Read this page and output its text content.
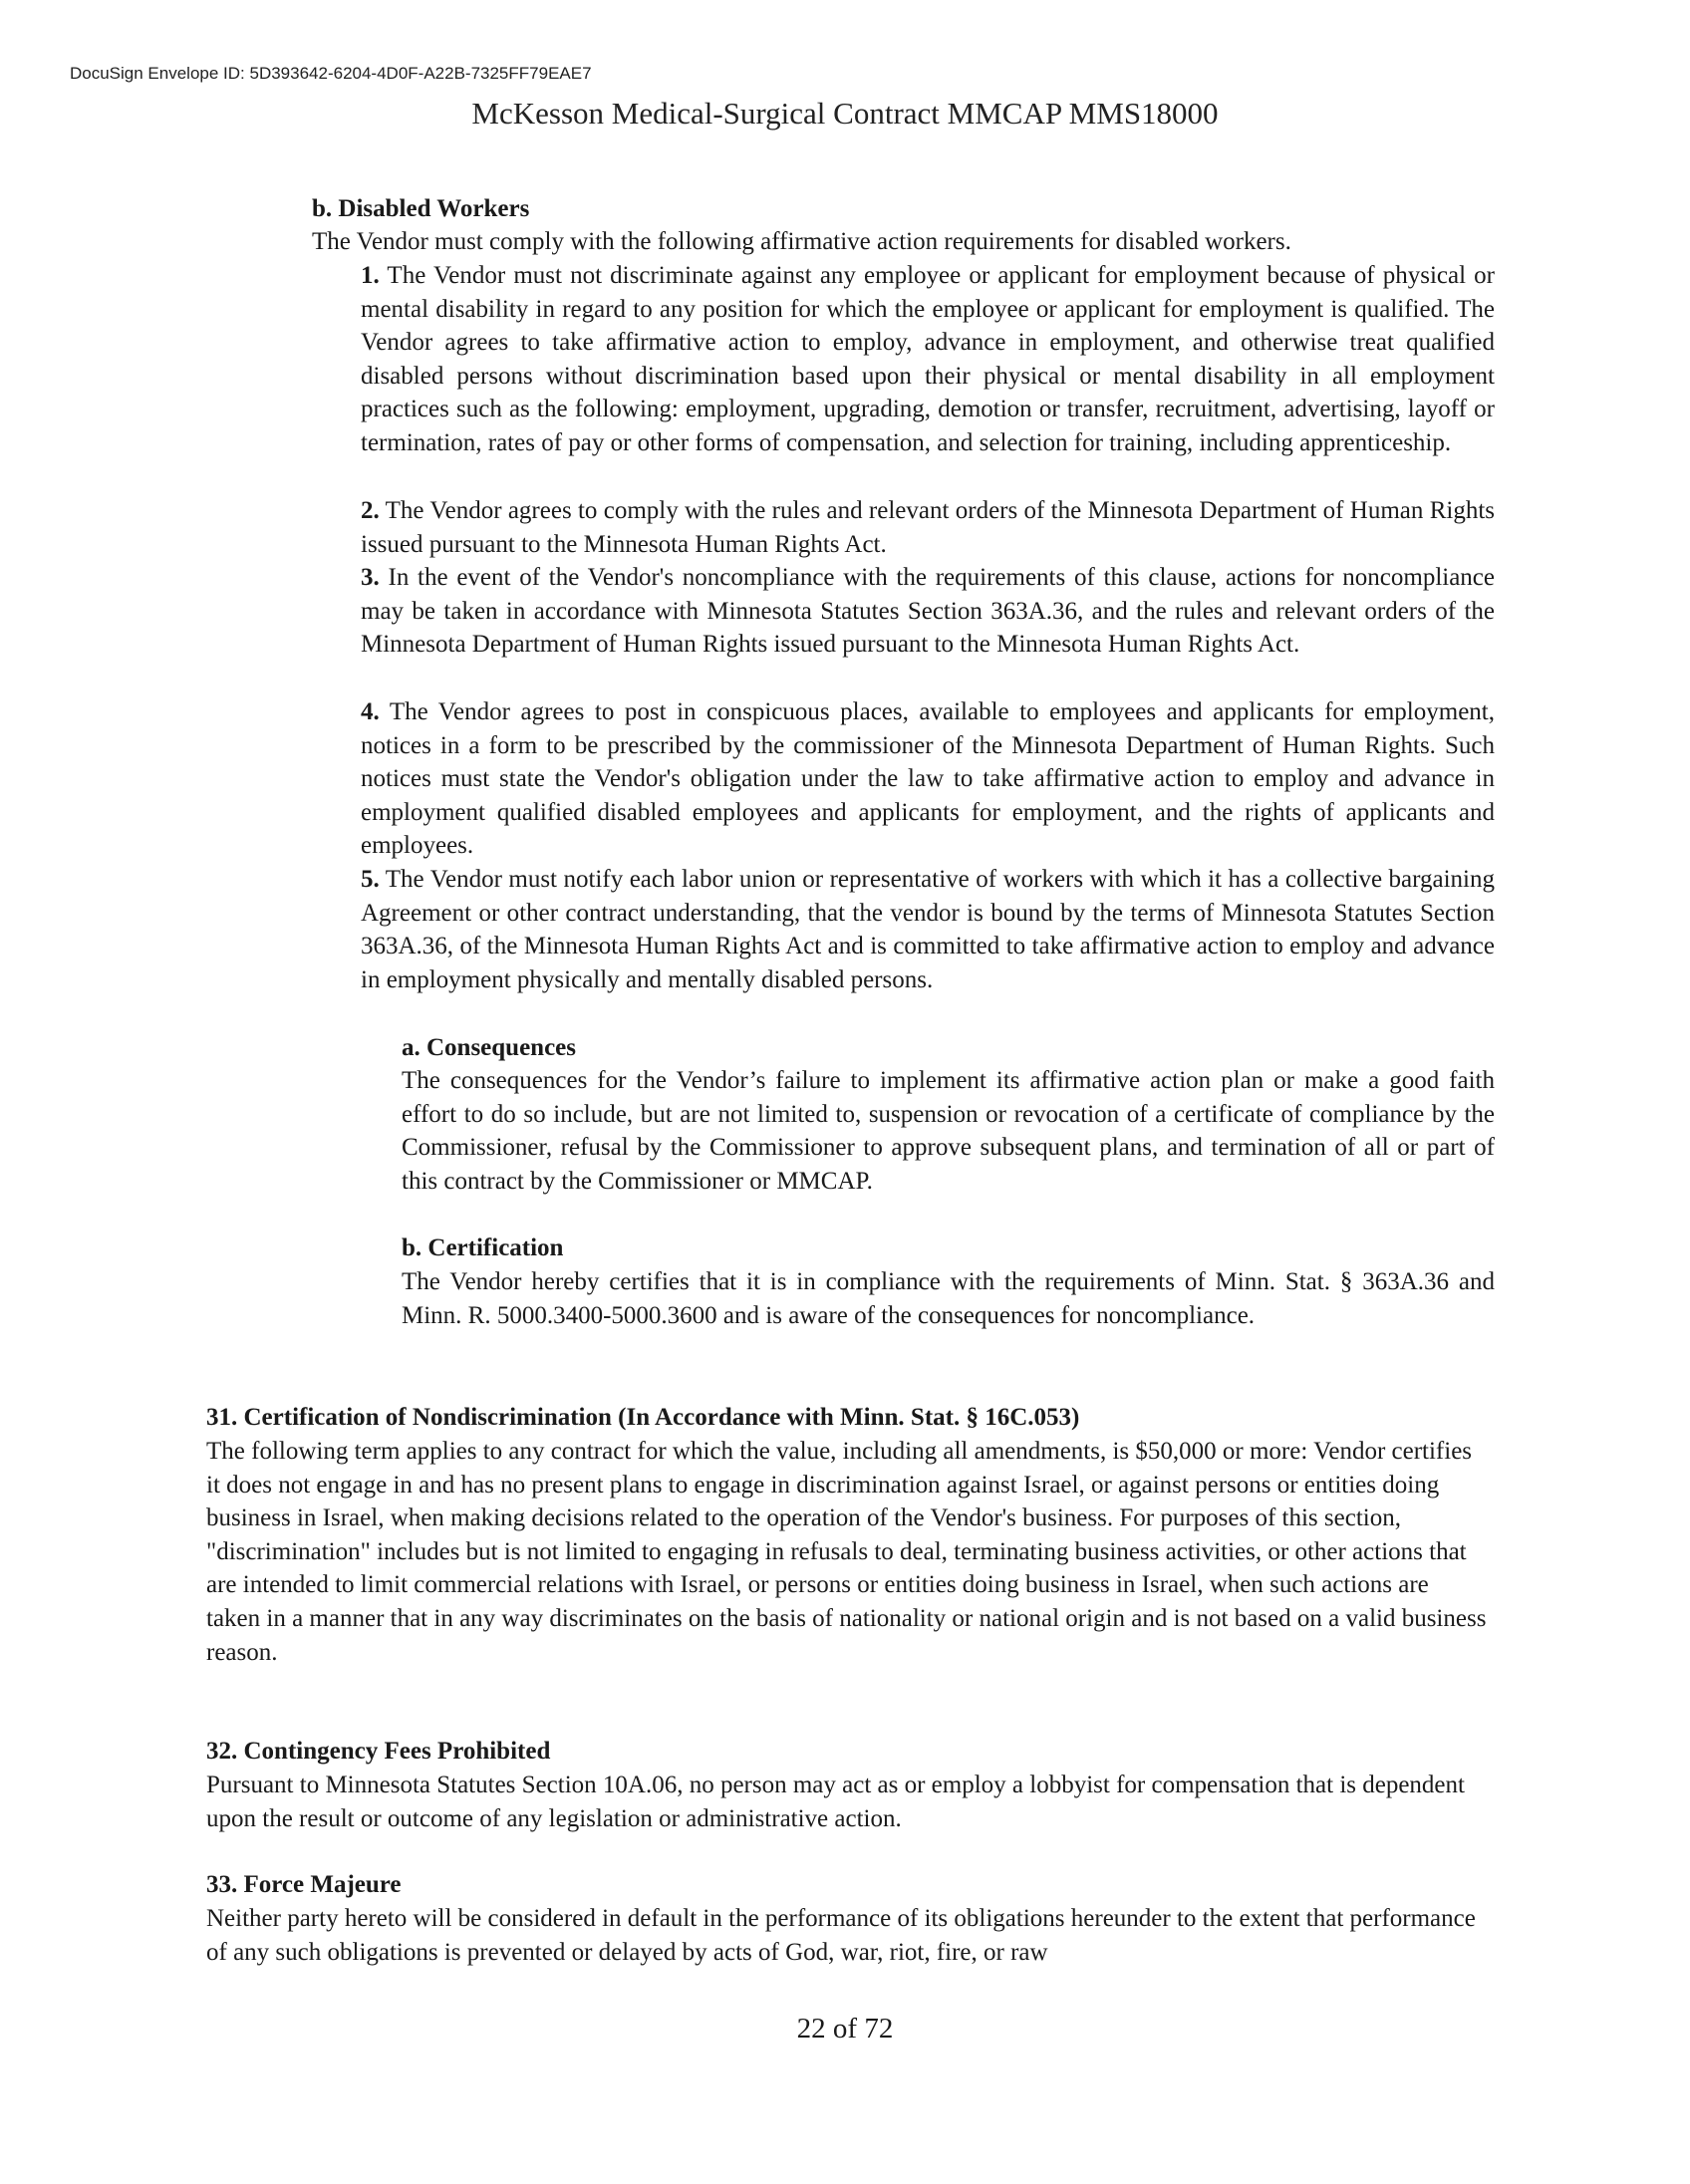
DocuSign Envelope ID: 5D393642-6204-4D0F-A22B-7325FF79EAE7
McKesson Medical-Surgical Contract MMCAP MMS18000
b. Disabled Workers
The Vendor must comply with the following affirmative action requirements for disabled workers.
1. The Vendor must not discriminate against any employee or applicant for employment because of physical or mental disability in regard to any position for which the employee or applicant for employment is qualified. The Vendor agrees to take affirmative action to employ, advance in employment, and otherwise treat qualified disabled persons without discrimination based upon their physical or mental disability in all employment practices such as the following: employment, upgrading, demotion or transfer, recruitment, advertising, layoff or termination, rates of pay or other forms of compensation, and selection for training, including apprenticeship.
2. The Vendor agrees to comply with the rules and relevant orders of the Minnesota Department of Human Rights issued pursuant to the Minnesota Human Rights Act.
3. In the event of the Vendor's noncompliance with the requirements of this clause, actions for noncompliance may be taken in accordance with Minnesota Statutes Section 363A.36, and the rules and relevant orders of the Minnesota Department of Human Rights issued pursuant to the Minnesota Human Rights Act.
4. The Vendor agrees to post in conspicuous places, available to employees and applicants for employment, notices in a form to be prescribed by the commissioner of the Minnesota Department of Human Rights. Such notices must state the Vendor's obligation under the law to take affirmative action to employ and advance in employment qualified disabled employees and applicants for employment, and the rights of applicants and employees.
5. The Vendor must notify each labor union or representative of workers with which it has a collective bargaining Agreement or other contract understanding, that the vendor is bound by the terms of Minnesota Statutes Section 363A.36, of the Minnesota Human Rights Act and is committed to take affirmative action to employ and advance in employment physically and mentally disabled persons.
a. Consequences
The consequences for the Vendor’s failure to implement its affirmative action plan or make a good faith effort to do so include, but are not limited to, suspension or revocation of a certificate of compliance by the Commissioner, refusal by the Commissioner to approve subsequent plans, and termination of all or part of this contract by the Commissioner or MMCAP.
b. Certification
The Vendor hereby certifies that it is in compliance with the requirements of Minn. Stat. § 363A.36 and Minn. R. 5000.3400-5000.3600 and is aware of the consequences for noncompliance.
31. Certification of Nondiscrimination (In Accordance with Minn. Stat. § 16C.053)
The following term applies to any contract for which the value, including all amendments, is $50,000 or more: Vendor certifies it does not engage in and has no present plans to engage in discrimination against Israel, or against persons or entities doing business in Israel, when making decisions related to the operation of the Vendor's business. For purposes of this section, "discrimination" includes but is not limited to engaging in refusals to deal, terminating business activities, or other actions that are intended to limit commercial relations with Israel, or persons or entities doing business in Israel, when such actions are taken in a manner that in any way discriminates on the basis of nationality or national origin and is not based on a valid business reason.
32. Contingency Fees Prohibited
Pursuant to Minnesota Statutes Section 10A.06, no person may act as or employ a lobbyist for compensation that is dependent upon the result or outcome of any legislation or administrative action.
33. Force Majeure
Neither party hereto will be considered in default in the performance of its obligations hereunder to the extent that performance of any such obligations is prevented or delayed by acts of God, war, riot, fire, or raw
22 of 72
